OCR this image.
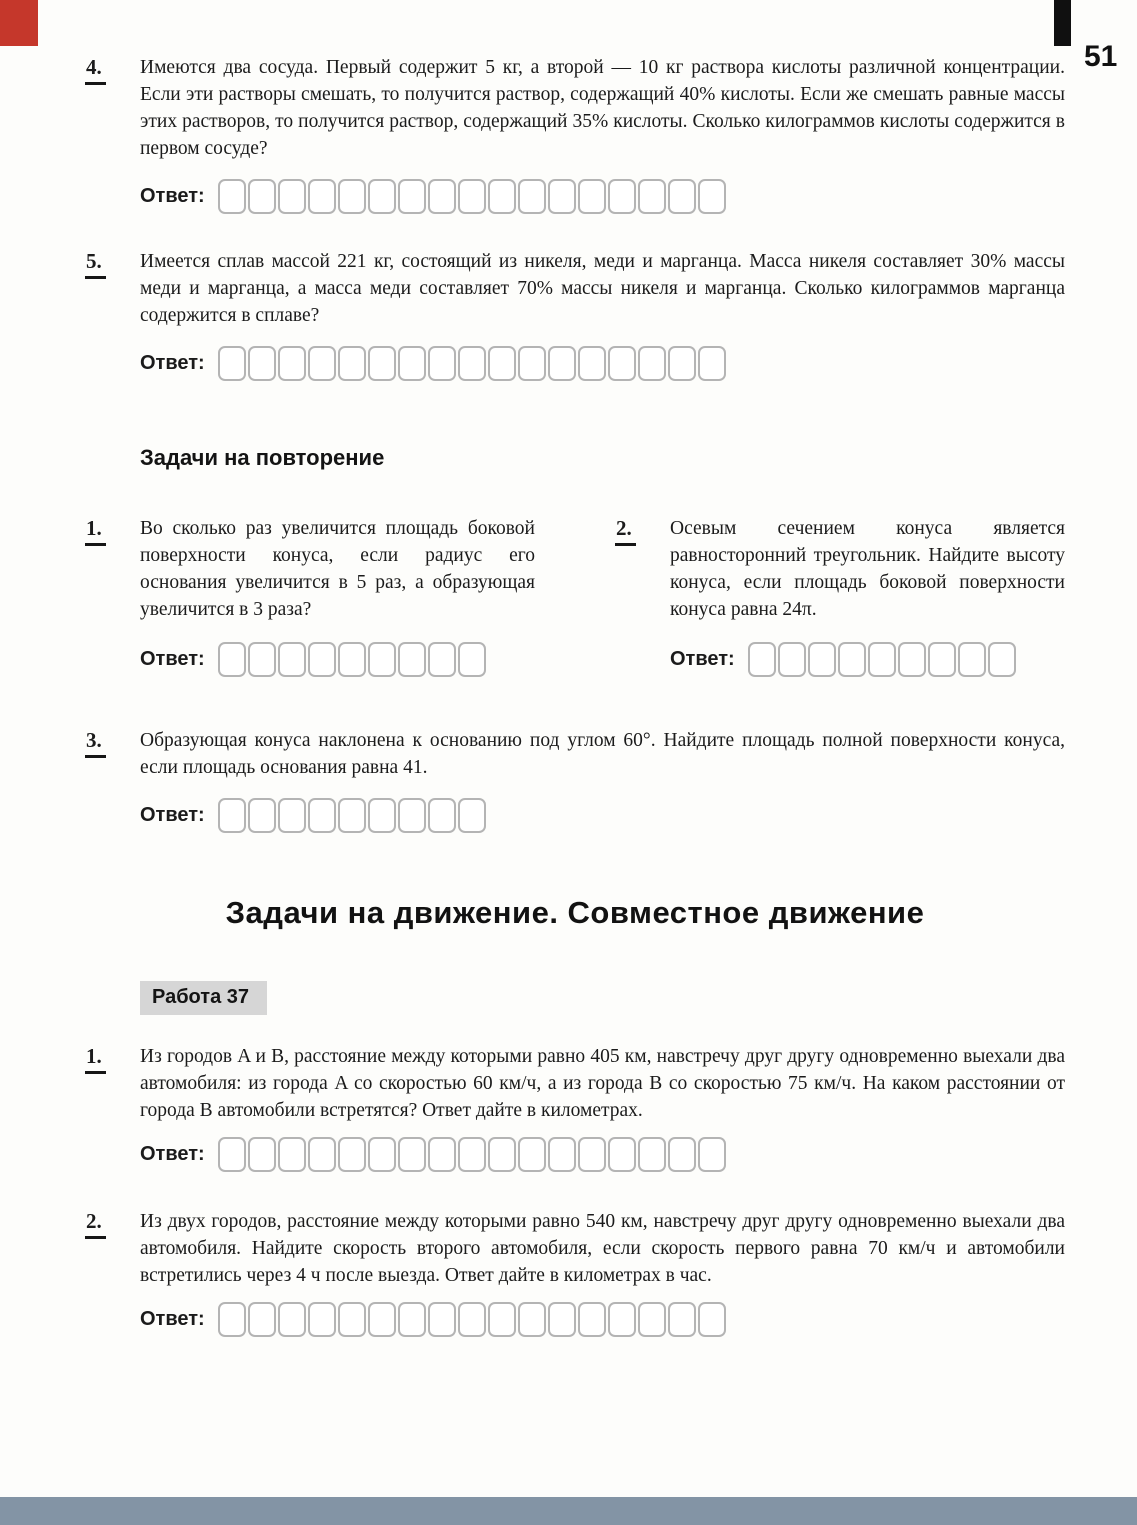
51
4.	Имеются два сосуда. Первый содержит 5 кг, а второй — 10 кг раствора кислоты различной концентрации. Если эти растворы смешать, то получится раствор, содержащий 40% кислоты. Если же смешать равные массы этих растворов, то получится раствор, содержащий 35% кислоты. Сколько килограммов кислоты содержится в первом сосуде?
Ответ:
5.	Имеется сплав массой 221 кг, состоящий из никеля, меди и марганца. Масса никеля составляет 30% массы меди и марганца, а масса меди составляет 70% массы никеля и марганца. Сколько килограммов марганца содержится в сплаве?
Ответ:
Задачи на повторение
1.	Во сколько раз увеличится площадь боковой поверхности конуса, если радиус его основания увеличится в 5 раз, а образующая увеличится в 3 раза?
Ответ:
2.	Осевым сечением конуса является равносторонний треугольник. Найдите высоту конуса, если площадь боковой поверхности конуса равна 24π.
Ответ:
3.	Образующая конуса наклонена к основанию под углом 60°. Найдите площадь полной поверхности конуса, если площадь основания равна 41.
Ответ:
Задачи на движение. Совместное движение
Работа 37
1.	Из городов A и B, расстояние между которыми равно 405 км, навстречу друг другу одновременно выехали два автомобиля: из города A со скоростью 60 км/ч, а из города B со скоростью 75 км/ч. На каком расстоянии от города B автомобили встретятся? Ответ дайте в километрах.
Ответ:
2.	Из двух городов, расстояние между которыми равно 540 км, навстречу друг другу одновременно выехали два автомобиля. Найдите скорость второго автомобиля, если скорость первого равна 70 км/ч и автомобили встретились через 4 ч после выезда. Ответ дайте в километрах в час.
Ответ:
